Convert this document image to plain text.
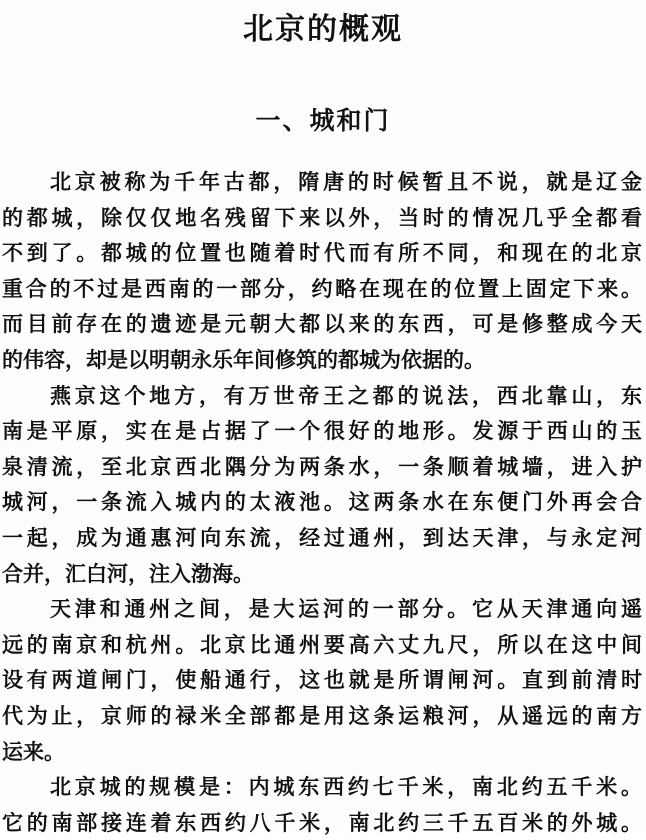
北京的概观
一、城和门
北京被称为千年古都，隋唐的时候暂且不说，就是辽金
的都城，除仅仅地名残留下来以外，当时的情况几乎全都看
不到了。都城的位置也随着时代而有所不同，和现在的北京
重合的不过是西南的一部分，约略在现在的位置上固定下来。
而目前存在的遗迹是元朝大都以来的东西，可是修整成今天
的伟容，却是以明朝永乐年间修筑的都城为依据的。
燕京这个地方，有万世帝王之都的说法，西北靠山，东
南是平原，实在是占据了一个很好的地形。发源于西山的玉
泉清流，至北京西北隅分为两条水，一条顺着城墙，进入护
城河，一条流入城内的太液池。这两条水在东便门外再会合
一起，成为通惠河向东流，经过通州，到达天津，与永定河
合并，汇白河，注入渤海。
天津和通州之间，是大运河的一部分。它从天津通向遥
远的南京和杭州。北京比通州要高六丈九尺，所以在这中间
设有两道闸门，使船通行，这也就是所谓闸河。直到前清时
代为止，京师的禄米全部都是用这条运粮河，从遥远的南方
运来。
北京城的规模是：内城东西约七千米，南北约五千米。
它的南部接连着东西约八千米，南北约三千五百米的外城。
